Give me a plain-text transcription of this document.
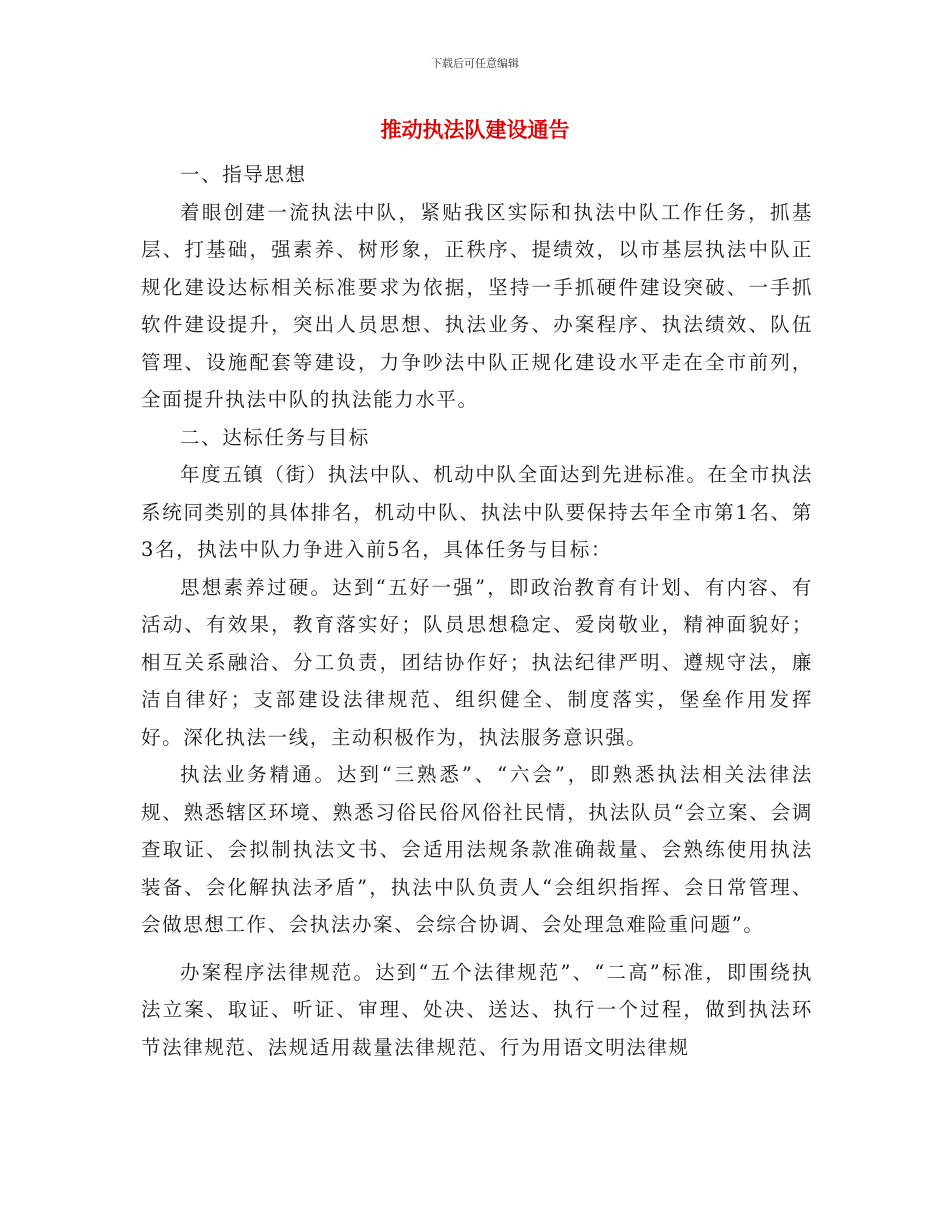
下载后可任意编辑
推动执法队建设通告

一、指导思想

着眼创建一流执法中队，紧贴我区实际和执法中队工作任务，抓基层、打基础，强素养、树形象，正秩序、提绩效，以市基层执法中队正规化建设达标相关标准要求为依据，坚持一手抓硬件建设突破、一手抓软件建设提升，突出人员思想、执法业务、办案程序、执法绩效、队伍管理、设施配套等建设，力争吵法中队正规化建设水平走在全市前列，全面提升执法中队的执法能力水平。

二、达标任务与目标

年度五镇（街）执法中队、机动中队全面达到先进标准。在全市执法系统同类别的具体排名，机动中队、执法中队要保持去年全市第1名、第3名，执法中队力争进入前5名，具体任务与目标：

思想素养过硬。达到“五好一强”，即政治教育有计划、有内容、有活动、有效果，教育落实好；队员思想稳定、爱岗敬业，精神面貌好；相互关系融洽、分工负责，团结协作好；执法纪律严明、遵规守法，廉洁自律好；支部建设法律规范、组织健全、制度落实，堡垒作用发挥好。深化执法一线，主动积极作为，执法服务意识强。

执法业务精通。达到“三熟悉”、“六会”，即熟悉执法相关法律法规、熟悉辖区环境、熟悉习俗民俗风俗社民情，执法队员“会立案、会调查取证、会拟制执法文书、会适用法规条款准确裁量、会熟练使用执法装备、会化解执法矛盾”，执法中队负责人“会组织指挥、会日常管理、会做思想工作、会执法办案、会综合协调、会处理急难险重问题”。

办案程序法律规范。达到“五个法律规范”、“二高”标准，即围绕执法立案、取证、听证、审理、处决、送达、执行一个过程，做到执法环节法律规范、法规适用裁量法律规范、行为用语文明法律规
